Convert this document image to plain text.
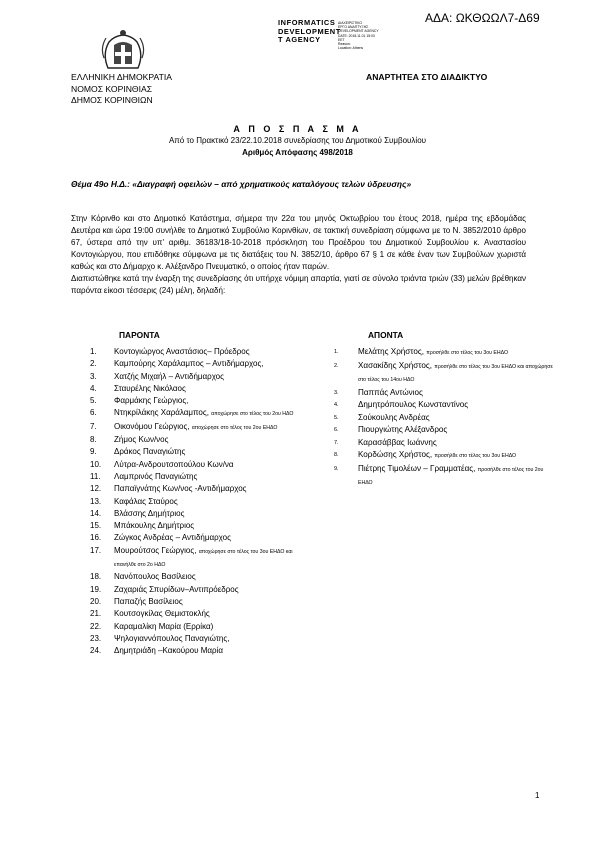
ΑΔΑ: ΩΚΘΩΩΛ7-Δ69
INFORMATICS
DEVELOPMENT
T AGENCY
ΔΙΑΧΕΙΡΙΣΤΙΚΟ
ΕΡΓΟ ΑΝΑΠΤΥΞΗΣ
DEVELOPMENT AGENCY
DATE: 2018.11.01 15:03
EET
Reason:
Location: Athens
ΕΛΛΗΝΙΚΗ ΔΗΜΟΚΡΑΤΙΑ
ΝΟΜΟΣ ΚΟΡΙΝΘΙΑΣ
ΔΗΜΟΣ ΚΟΡΙΝΘΙΩΝ
ΑΝΑΡΤΗΤΕΑ ΣΤΟ ΔΙΑΔΙΚΤΥΟ
Α Π Ο Σ Π Α Σ Μ Α
Από το Πρακτικό 23/22.10.2018 συνεδρίασης του Δημοτικού Συμβουλίου
Αριθμός Απόφασης 498/2018
Θέμα 49ο Η.Δ.: «Διαγραφή οφειλών – από χρηματικούς καταλόγους τελών ύδρευσης»

Στην Κόρινθο και στο Δημοτικό Κατάστημα, σήμερα την 22α του μηνός Οκτωβρίου του έτους 2018, ημέρα της εβδομάδας Δευτέρα και ώρα 19:00 συνήλθε το Δημοτικό Συμβούλιο Κορινθίων, σε τακτική συνεδρίαση σύμφωνα με το Ν. 3852/2010 άρθρο 67, ύστερα από την υπ' αριθμ. 36183/18-10-2018 πρόσκληση του Προέδρου του Δημοτικού Συμβουλίου κ. Αναστασίου Κοντογιώργου, που επιδόθηκε σύμφωνα με τις διατάξεις του Ν. 3852/10, άρθρο 67 § 1 σε κάθε έναν των Συμβούλων χωριστά καθώς και στο Δήμαρχο κ. Αλέξανδρο Πνευματικό, ο οποίος ήταν παρών.

Διαπιστώθηκε κατά την έναρξη της συνεδρίασης ότι υπήρχε νόμιμη απαρτία, γιατί σε σύνολο τριάντα τριών (33) μελών βρέθηκαν παρόντα είκοσι τέσσερις (24) μέλη, δηλαδή:

ΠΑΡΟΝΤΑ	ΑΠΟΝΤΑ
1. Κοντογιώργος Αναστάσιος– Πρόεδρος
2. Καμπούρης Χαράλαμπος – Αντιδήμαρχος,
3. Χατζής Μιχαήλ – Αντιδήμαρχος
4. Σταυρέλης Νικόλαος
5. Φαρμάκης Γεώργιος,
6. Ντηκρίλάκης Χαράλαμπος, αποχώρησε στο τέλος του 2ου ΗΔΟ
7. Οικονόμου Γεώργιος, αποχώρησε στο τέλος του 2ου ΕΗΔΟ
8. Ζήμος Κων/νος
9. Δράκος Παναγιώτης
10. Λύτρα-Ανδρουτσοπούλου Κων/να
11. Λαμπρινός Παναγιώτης
12. Παπαϊγνάτης Κων/νος -Αντιδήμαρχος
13. Καφάλας Σταύρος
14. Βλάσσης Δημήτριος
15. Μπάκουλης Δημήτριος
16. Ζώγκος Ανδρέας – Αντιδήμαρχος
17. Μουρούτσος Γεώργιος, αποχώρησε στο τέλος του 3ου ΕΗΔΟ και επανήλθε στο 2ο ΗΔΟ
18. Νανόπουλος Βασίλειος
19. Ζαχαριάς Σπυρίδων–Αντιπρόεδρος
20. Παπαζής Βασίλειος
21. Κουτσογκίλας Θεμιστοκλής
22. Καραμαλίκη Μαρία (Ερρίκα)
23. Ψηλογιαννόπουλος Παναγιώτης,
24. Δημητριάδη –Κακούρου Μαρία
1. Μελάτης Χρήστος, προσήλθε στο τέλος του 3ου ΕΗΔΟ
2. Χασακίδης Χρήστος, προσήλθε στο τέλος του 3ου ΕΗΔΟ και αποχώρησε στο τέλος του 14ου ΗΔΟ
3. Παππάς Αντώνιος
4. Δημητρόπουλος Κωνσταντίνος
5. Σούκουλης Ανδρέας
6. Πιουργιώτης Αλέξανδρος
7. Καρασάββας Ιωάννης
8. Κορδώσης Χρήστος, προσήλθε στο τέλος του 3ου ΕΗΔΟ
9. Πιέτρης Τιμολέων – Γραμματέας, προσήλθε στο τέλος του 2ου ΕΗΔΟ
1
